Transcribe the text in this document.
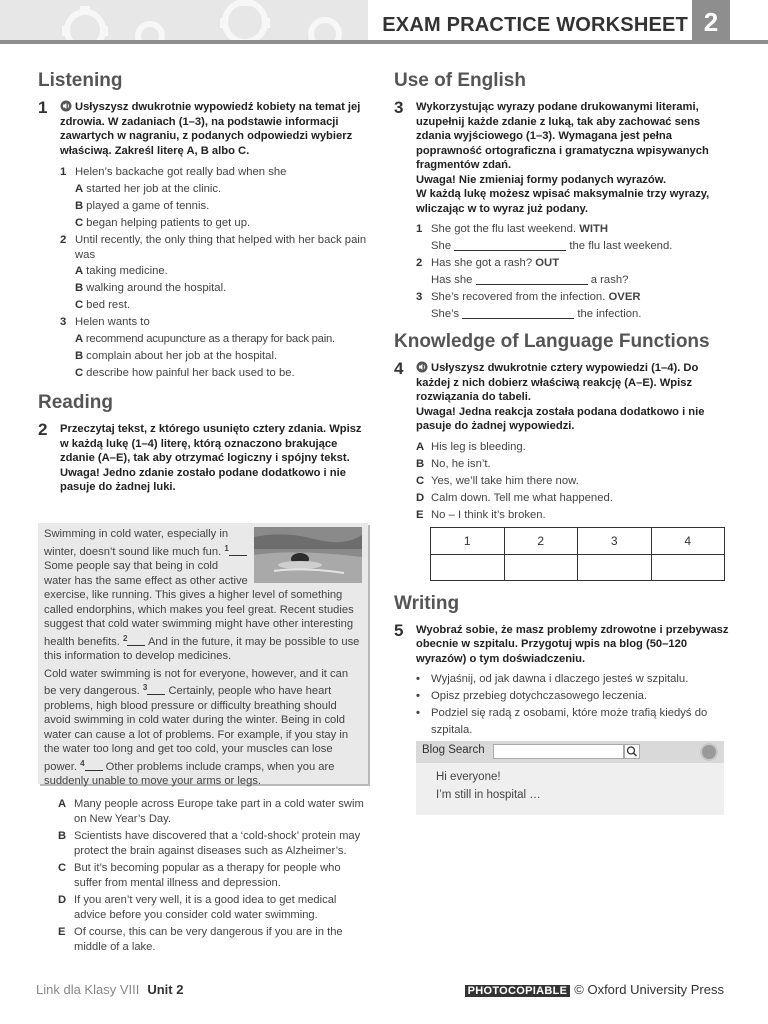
EXAM PRACTICE WORKSHEET 2
Listening
1	Usłyszysz dwukrotnie wypowiedź kobiety na temat jej zdrowia. W zadaniach (1–3), na podstawie informacji zawartych w nagraniu, z podanych odpowiedzi wybierz właściwą. Zakreśl literę A, B albo C.
1 Helen’s backache got really bad when she
A started her job at the clinic.
B played a game of tennis.
C began helping patients to get up.
2 Until recently, the only thing that helped with her back pain was
A taking medicine.
B walking around the hospital.
C bed rest.
3 Helen wants to
A recommend acupuncture as a therapy for back pain.
B complain about her job at the hospital.
C describe how painful her back used to be.
Reading
2	Przeczytaj tekst, z którego usunięto cztery zdania. Wpisz w każdą lukę (1–4) literę, którą oznaczono brakujące zdanie (A–E), tak aby otrzymać logiczny i spójny tekst.
Uwaga! Jedno zdanie zostało podane dodatkowo i nie pasuje do żadnej luki.

Swimming in cold water, especially in winter, doesn’t sound like much fun. $^1$ Some people say that being in cold water has the same effect as other active exercise, like running. This gives a higher level of something called endorphins, which makes you feel great. Recent studies suggest that cold water swimming might have other interesting health benefits. $^2$ And in the future, it may be possible to use this information to develop medicines.

Cold water swimming is not for everyone, however, and it can be very dangerous. $^3$ Certainly, people who have heart problems, high blood pressure or difficulty breathing should avoid swimming in cold water during the winter. Being in cold water can cause a lot of problems. For example, if you stay in the water too long and get too cold, your muscles can lose power. $^4$ Other problems include cramps, when you are suddenly unable to move your arms or legs.

A Many people across Europe take part in a cold water swim on New Year’s Day.
B Scientists have discovered that a ‘cold-shock’ protein may protect the brain against diseases such as Alzheimer’s.
C But it’s becoming popular as a therapy for people who suffer from mental illness and depression.
D If you aren’t very well, it is a good idea to get medical advice before you consider cold water swimming.
E Of course, this can be very dangerous if you are in the middle of a lake.
Use of English
3	Wykorzystując wyrazy podane drukowanymi literami, uzupełnij każde zdanie z luką, tak aby zachować sens zdania wyjściowego (1–3). Wymagana jest pełna poprawność ortograficzna i gramatyczna wpisywanych fragmentów zdań.
Uwaga! Nie zmieniaj formy podanych wyrazów.
W każdą lukę możesz wpisać maksymalnie trzy wyrazy, wliczając w to wyraz już podany.
1 She got the flu last weekend. WITH
She	the flu last weekend.
2 Has she got a rash? OUT
Has she	a rash?
3 She’s recovered from the infection. OVER
She’s	the infection.
Knowledge of Language Functions
4	Usłyszysz dwukrotnie cztery wypowiedzi (1–4). Do każdej z nich dobierz właściwą reakcję (A–E). Wpisz rozwiązania do tabeli.
Uwaga! Jedna reakcja została podana dodatkowo i nie pasuje do żadnej wypowiedzi.
A His leg is bleeding.
B No, he isn’t.
C Yes, we’ll take him there now.
D Calm down. Tell me what happened.
E No – I think it’s broken.
1	2	3	4

Writing
5	Wyobraź sobie, że masz problemy zdrowotne i przebywasz obecnie w szpitalu. Przygotuj wpis na blog (50–120 wyrazów) o tym doświadczeniu.
• Wyjaśnij, od jak dawna i dlaczego jesteś w szpitalu.
• Opisz przebieg dotychczasowego leczenia.
• Podziel się radą z osobami, które może trafią kiedyś do szpitala.
Blog Search
Hi everyone!
I’m still in hospital …
Link dla Klasy VIII Unit 2	PHOTOCOPIABLE © Oxford University Press
